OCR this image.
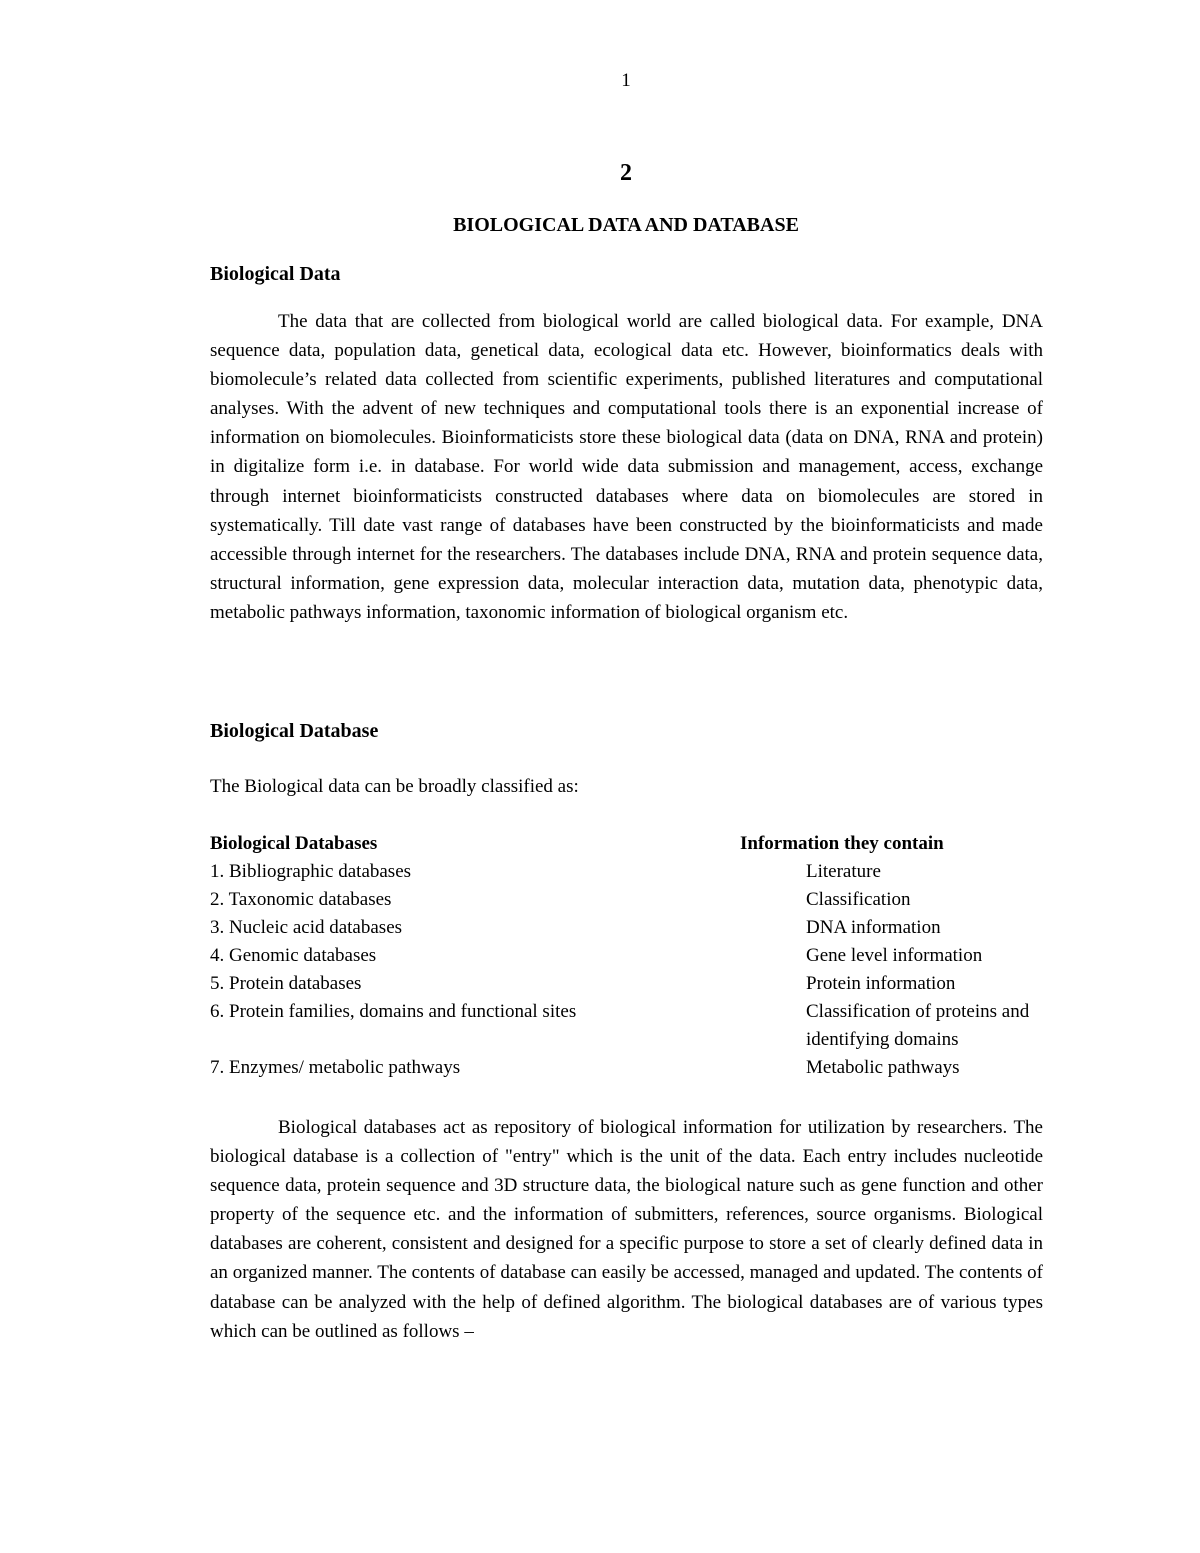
1
2
BIOLOGICAL DATA AND DATABASE
Biological Data

The data that are collected from biological world are called biological data. For example, DNA sequence data, population data, genetical data, ecological data etc. However, bioinformatics deals with biomolecule’s related data collected from scientific experiments, published literatures and computational analyses. With the advent of new techniques and computational tools there is an exponential increase of information on biomolecules. Bioinformaticists store these biological data (data on DNA, RNA and protein) in digitalize form i.e. in database. For world wide data submission and management, access, exchange through internet bioinformaticists constructed databases where data on biomolecules are stored in systematically. Till date vast range of databases have been constructed by the bioinformaticists and made accessible through internet for the researchers. The databases include DNA, RNA and protein sequence data, structural information, gene expression data, molecular interaction data, mutation data, phenotypic data, metabolic pathways information, taxonomic information of biological organism etc.

Biological Database

The Biological data can be broadly classified as:

Biological Databases	Information they contain
1. Bibliographic databases	Literature
2. Taxonomic databases	Classification
3. Nucleic acid databases	DNA information
4. Genomic databases	Gene level information
5. Protein databases	Protein information
6. Protein families, domains and functional sites	Classification of proteins and
	identifying domains
7. Enzymes/ metabolic pathways	Metabolic pathways

Biological databases act as repository of biological information for utilization by researchers. The biological database is a collection of "entry" which is the unit of the data. Each entry includes nucleotide sequence data, protein sequence and 3D structure data, the biological nature such as gene function and other property of the sequence etc. and the information of submitters, references, source organisms. Biological databases are coherent, consistent and designed for a specific purpose to store a set of clearly defined data in an organized manner. The contents of database can easily be accessed, managed and updated. The contents of database can be analyzed with the help of defined algorithm. The biological databases are of various types which can be outlined as follows –
